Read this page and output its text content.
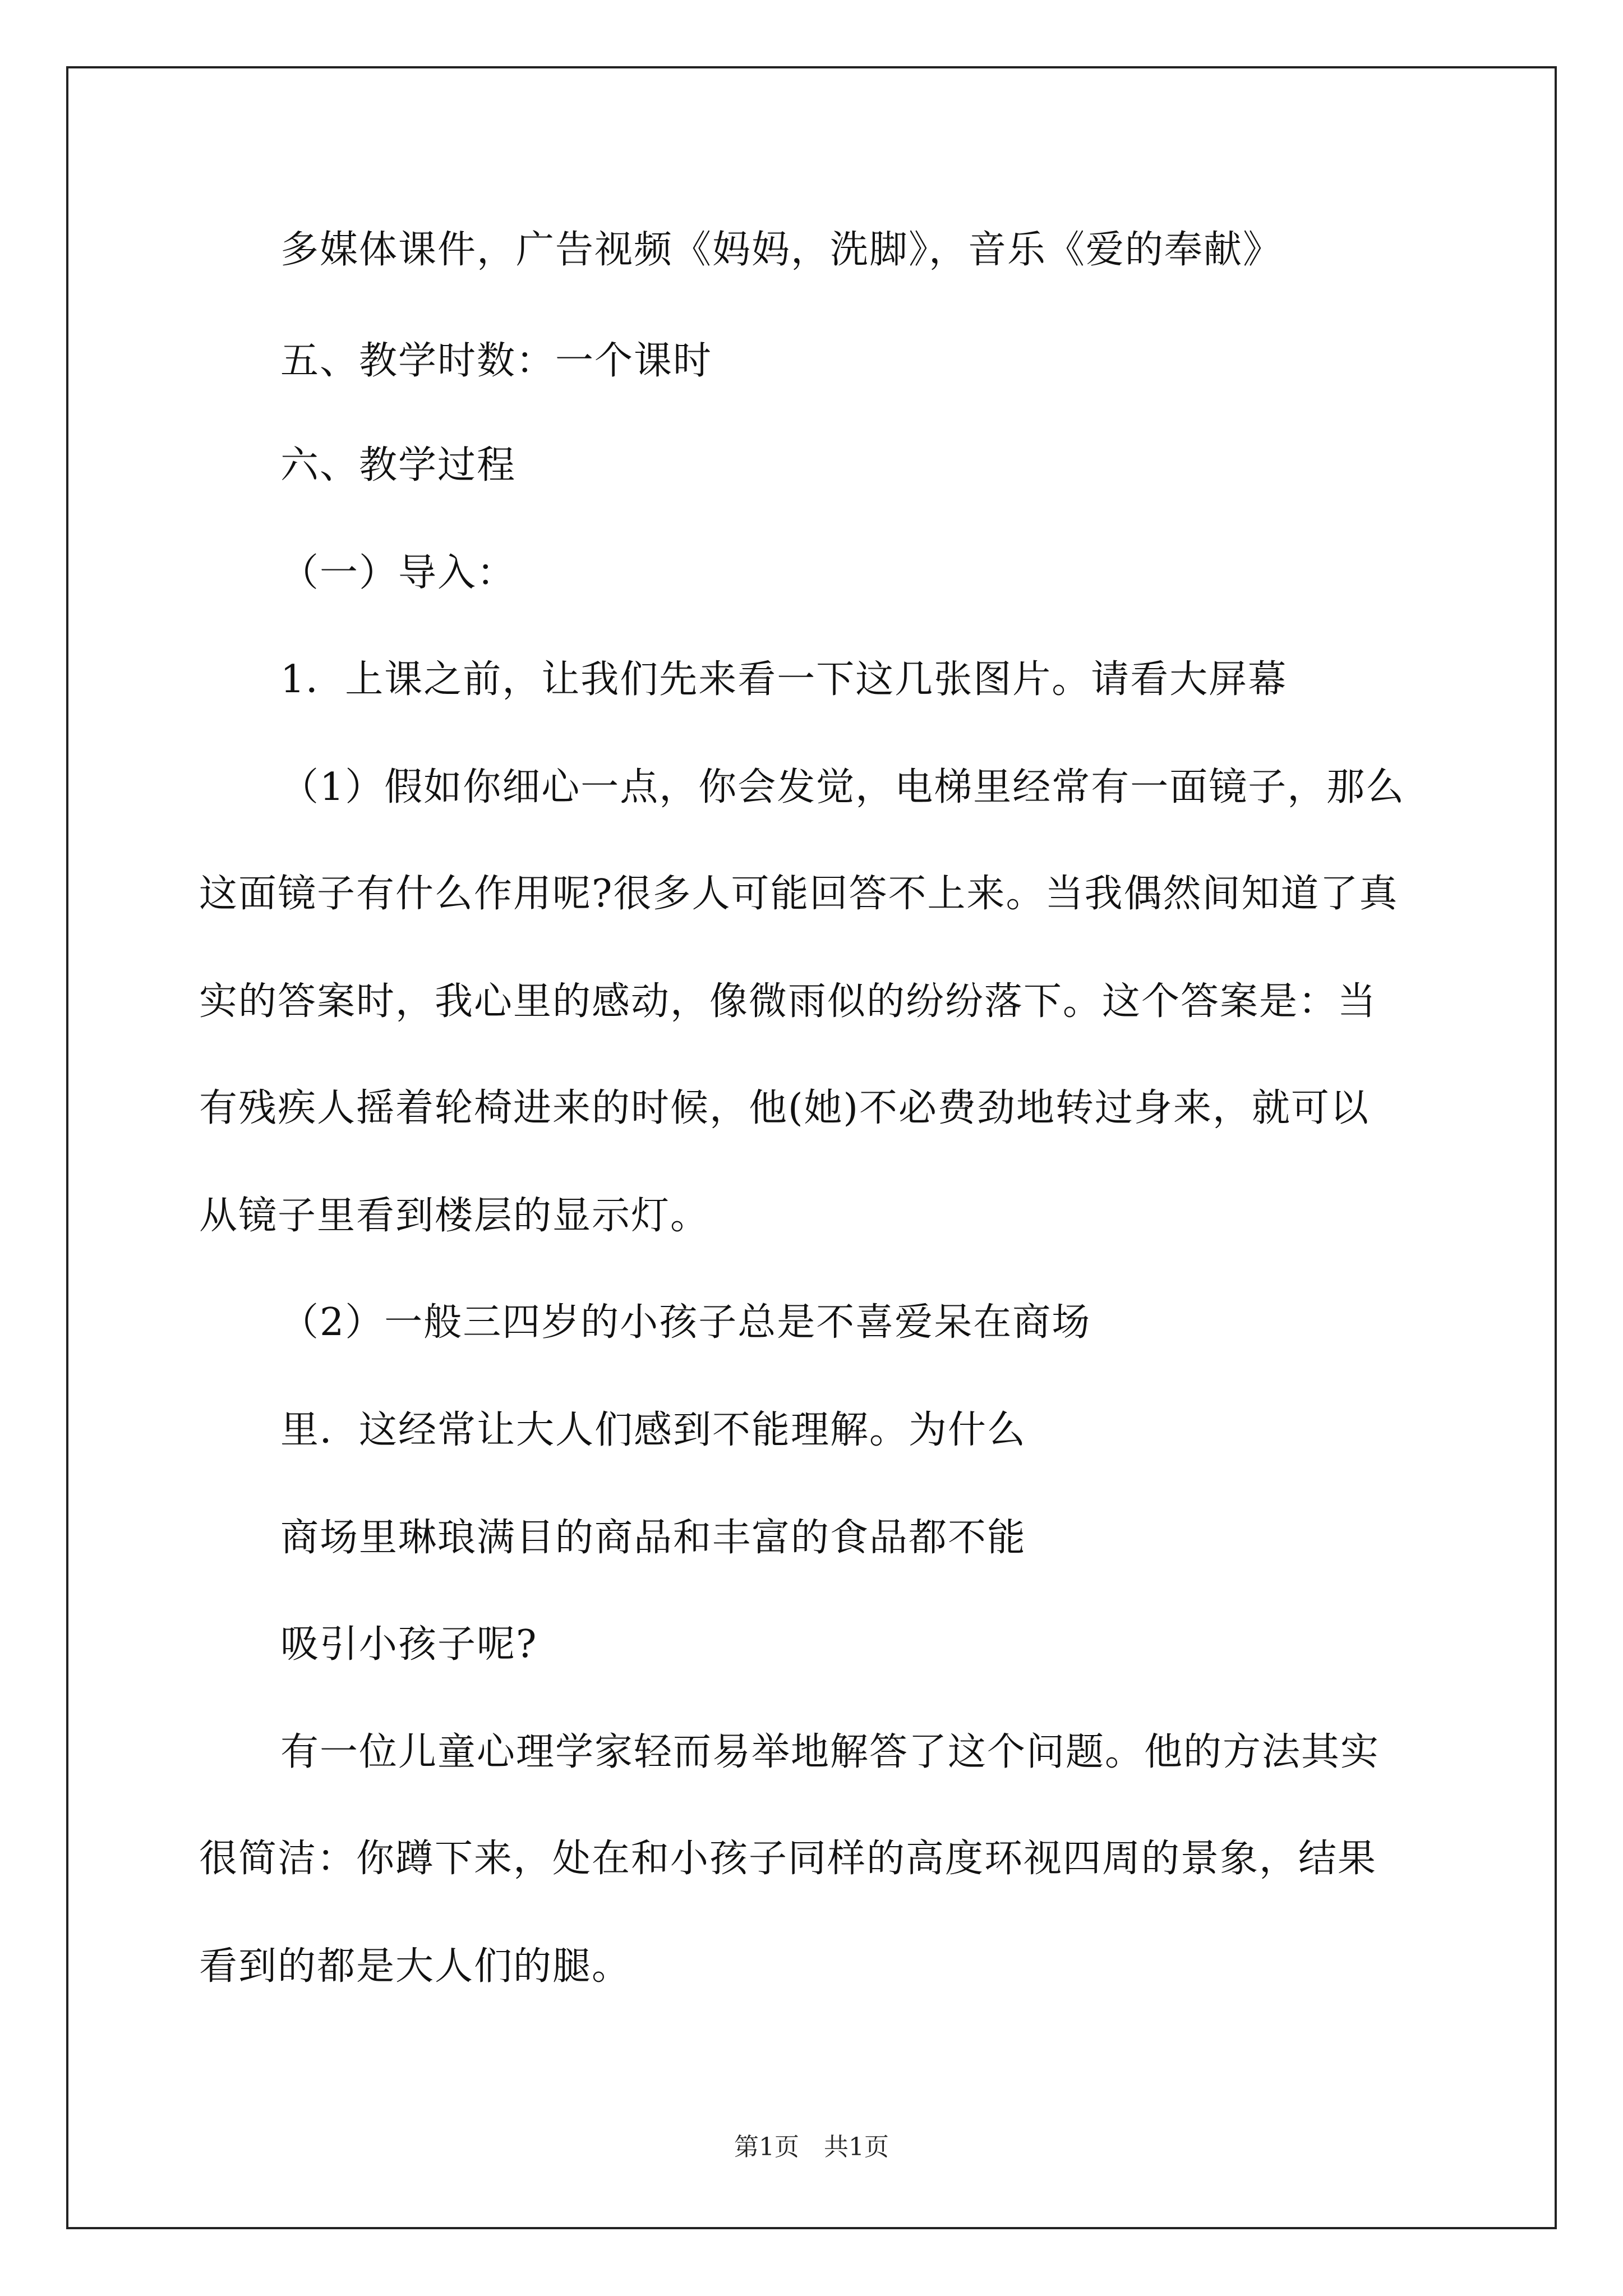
多媒体课件，广告视频《妈妈，洗脚》，音乐《爱的奉献》
五、教学时数：一个课时
六、教学过程
（一）导入：
1．上课之前，让我们先来看一下这几张图片。请看大屏幕
（1）假如你细心一点，你会发觉，电梯里经常有一面镜子，那么
这面镜子有什么作用呢?很多人可能回答不上来。当我偶然间知道了真
实的答案时，我心里的感动，像微雨似的纷纷落下。这个答案是：当
有残疾人摇着轮椅进来的时候，他(她)不必费劲地转过身来，就可以
从镜子里看到楼层的显示灯。
（2）一般三四岁的小孩子总是不喜爱呆在商场
里．这经常让大人们感到不能理解。为什么
商场里琳琅满目的商品和丰富的食品都不能
吸引小孩子呢?
有一位儿童心理学家轻而易举地解答了这个问题。他的方法其实
很简洁：你蹲下来，处在和小孩子同样的高度环视四周的景象，结果
看到的都是大人们的腿。
第1页　共1页
